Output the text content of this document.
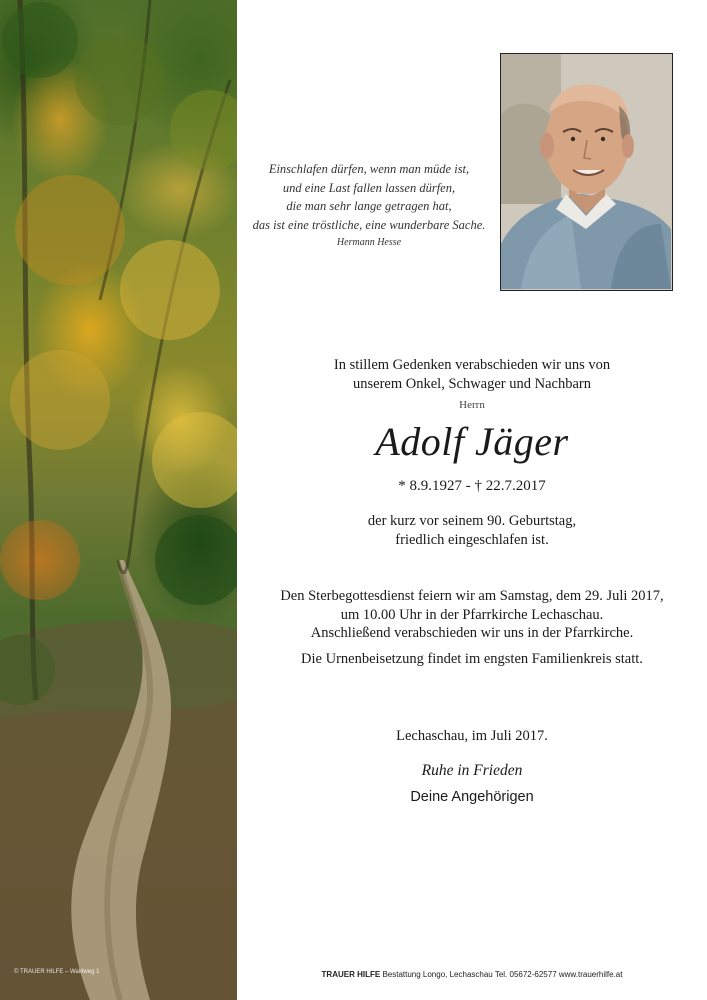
© TRAUER HILFE – Waldweg 1
Einschlafen dürfen, wenn man müde ist,
und eine Last fallen lassen dürfen,
die man sehr lange getragen hat,
das ist eine tröstliche, eine wunderbare Sache.
Hermann Hesse
In stillem Gedenken verabschieden wir uns von
unserem Onkel, Schwager und Nachbarn
Herrn
Adolf Jäger
* 8.9.1927 - † 22.7.2017
der kurz vor seinem 90. Geburtstag,
friedlich eingeschlafen ist.
Den Sterbegottesdienst feiern wir am Samstag, dem 29. Juli 2017,
um 10.00 Uhr in der Pfarrkirche Lechaschau.
Anschließend verabschieden wir uns in der Pfarrkirche.
Die Urnenbeisetzung findet im engsten Familienkreis statt.
Lechaschau, im Juli 2017.
Ruhe in Frieden
Deine Angehörigen
TRAUER HILFE Bestattung Longo, Lechaschau Tel. 05672-62577 www.trauerhilfe.at
